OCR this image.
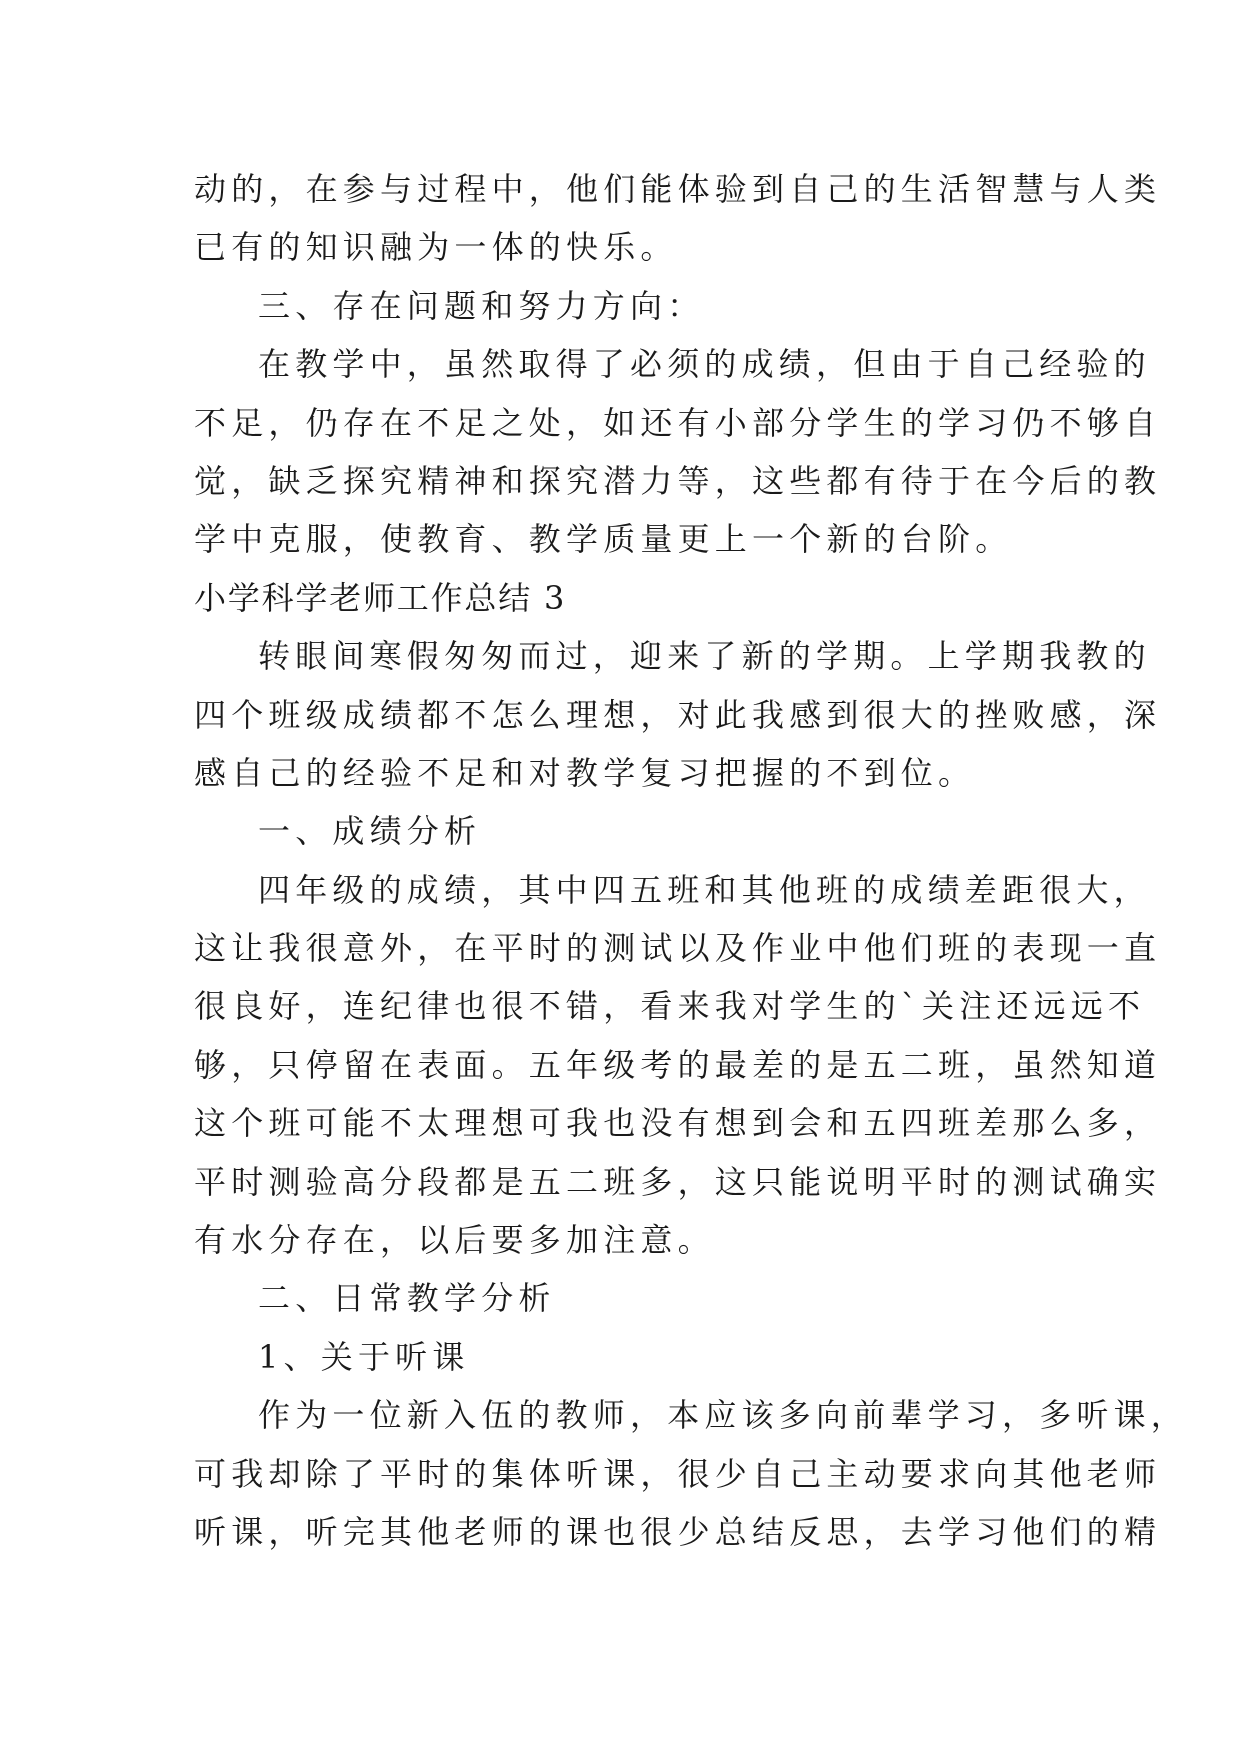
动的，在参与过程中，他们能体验到自己的生活智慧与人类
已有的知识融为一体的快乐。
三、存在问题和努力方向：
在教学中，虽然取得了必须的成绩，但由于自己经验的
不足，仍存在不足之处，如还有小部分学生的学习仍不够自
觉，缺乏探究精神和探究潜力等，这些都有待于在今后的教
学中克服，使教育、教学质量更上一个新的台阶。
小学科学老师工作总结 3
转眼间寒假匆匆而过，迎来了新的学期。上学期我教的
四个班级成绩都不怎么理想，对此我感到很大的挫败感，深
感自己的经验不足和对教学复习把握的不到位。
一、成绩分析
四年级的成绩，其中四五班和其他班的成绩差距很大，
这让我很意外，在平时的测试以及作业中他们班的表现一直
很良好，连纪律也很不错，看来我对学生的`关注还远远不
够，只停留在表面。五年级考的最差的是五二班，虽然知道
这个班可能不太理想可我也没有想到会和五四班差那么多，
平时测验高分段都是五二班多，这只能说明平时的测试确实
有水分存在，以后要多加注意。
二、日常教学分析
1、关于听课
作为一位新入伍的教师，本应该多向前辈学习，多听课，
可我却除了平时的集体听课，很少自己主动要求向其他老师
听课，听完其他老师的课也很少总结反思，去学习他们的精
